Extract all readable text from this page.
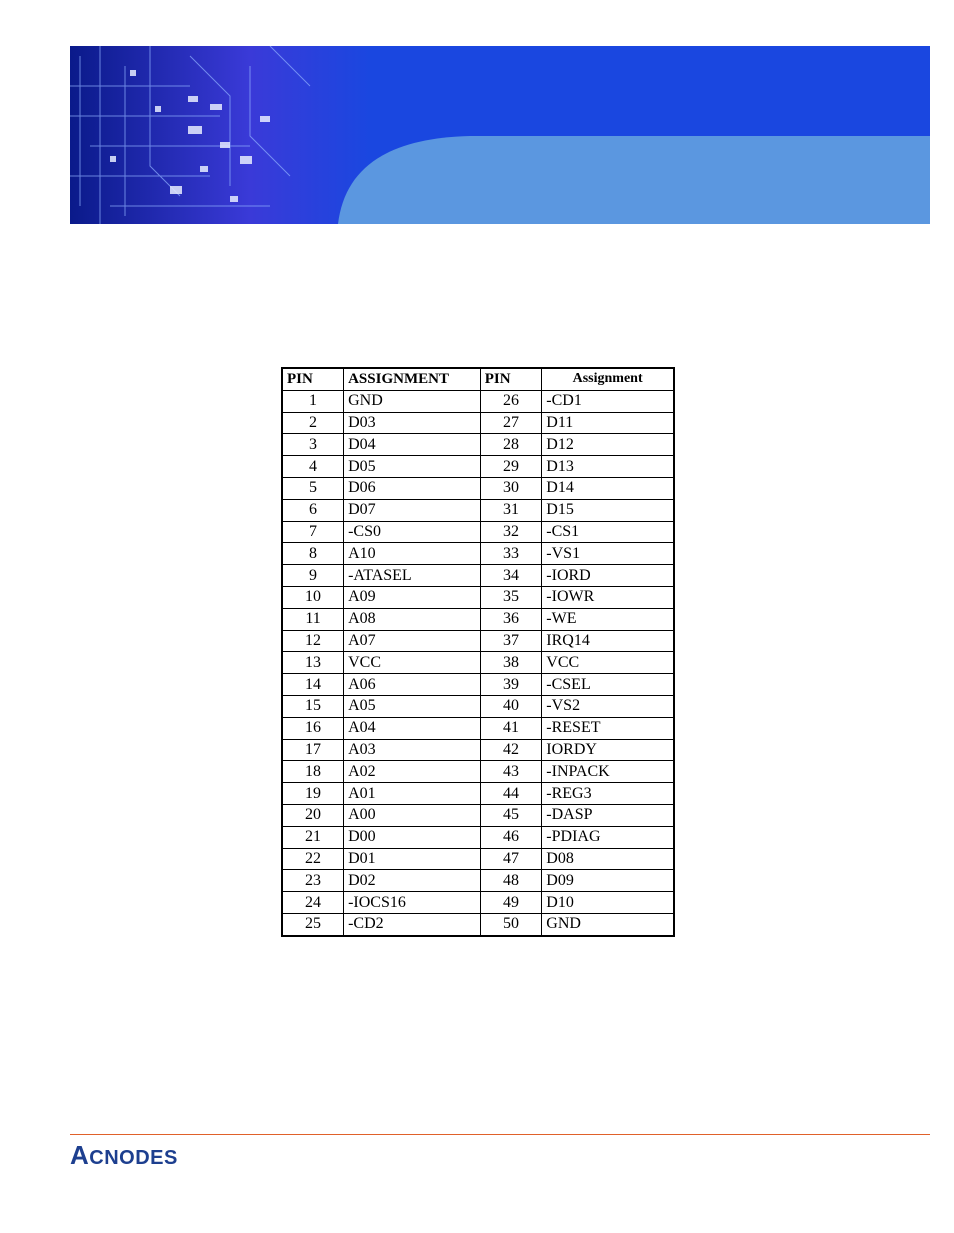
PIN	ASSIGNMENT	PIN	Assignment
1	GND	26	-CD1
2	D03	27	D11
3	D04	28	D12
4	D05	29	D13
5	D06	30	D14
6	D07	31	D15
7	-CS0	32	-CS1
8	A10	33	-VS1
9	-ATASEL	34	-IORD
10	A09	35	-IOWR
11	A08	36	-WE
12	A07	37	IRQ14
13	VCC	38	VCC
14	A06	39	-CSEL
15	A05	40	-VS2
16	A04	41	-RESET
17	A03	42	IORDY
18	A02	43	-INPACK
19	A01	44	-REG3
20	A00	45	-DASP
21	D00	46	-PDIAG
22	D01	47	D08
23	D02	48	D09
24	-IOCS16	49	D10
25	-CD2	50	GND
ACNODES
